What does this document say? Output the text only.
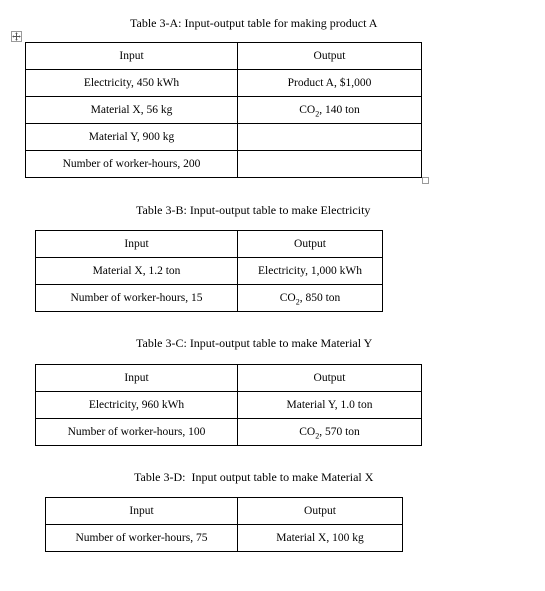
Table 3-A: Input-output table for making product A
Input	Output
Electricity, 450 kWh	Product A, $1,000
Material X, 56 kg	$CO_2$, 140 ton
Material Y, 900 kg	
Number of worker-hours, 200	
Table 3-B: Input-output table to make Electricity
Input	Output
Material X, 1.2 ton	Electricity, 1,000 kWh
Number of worker-hours, 15	$CO_2$, 850 ton
Table 3-C: Input-output table to make Material Y
Input	Output
Electricity, 960 kWh	Material Y, 1.0 ton
Number of worker-hours, 100	$CO_2$, 570 ton
Table 3-D:  Input output table to make Material X
Input	Output
Number of worker-hours, 75	Material X, 100 kg
